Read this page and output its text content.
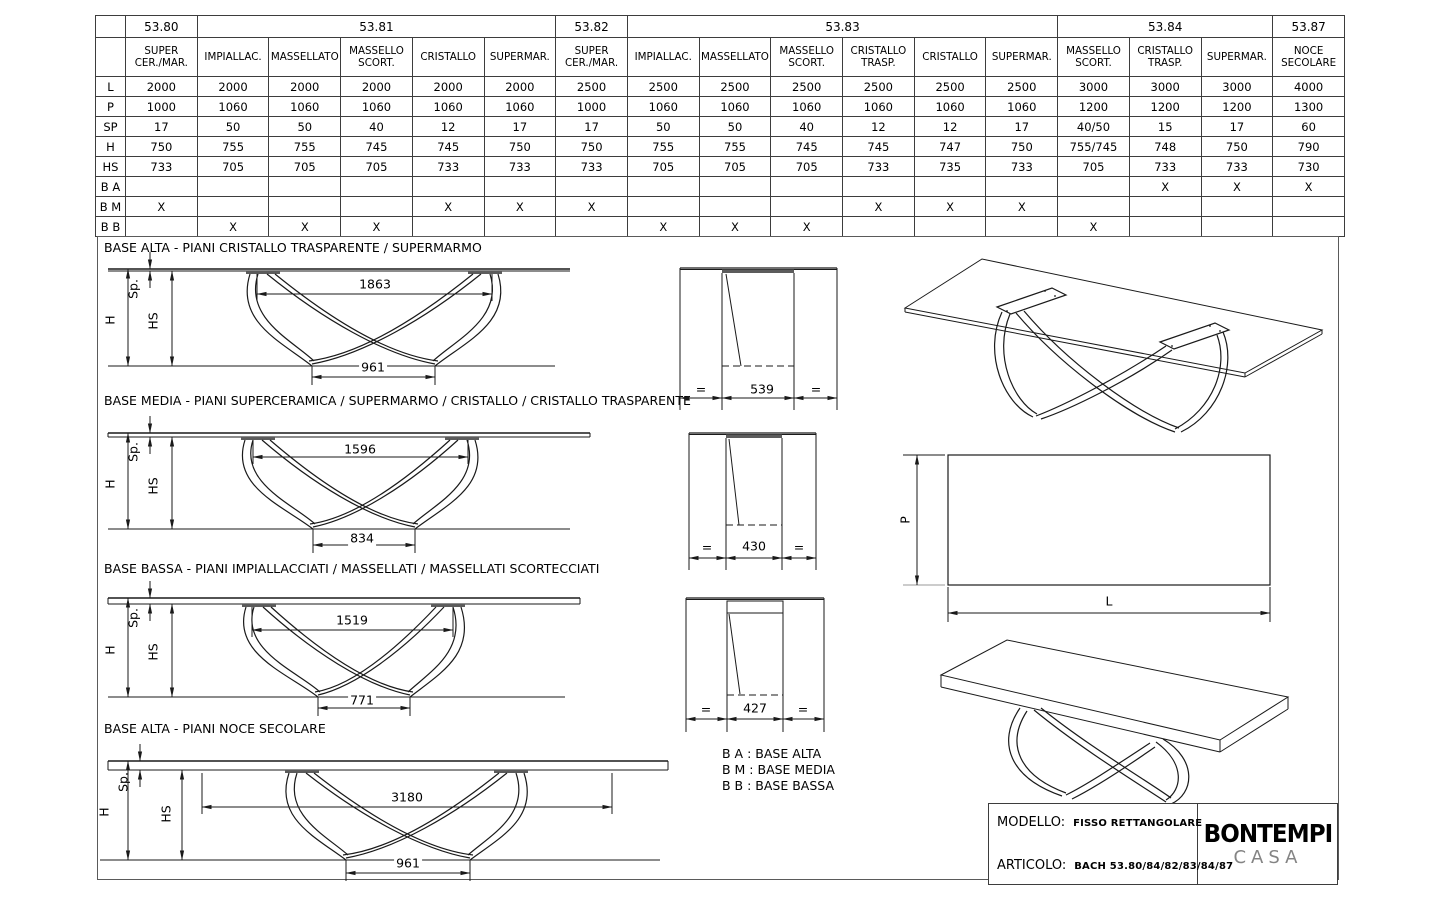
	53.80	53.81					53.82	53.83						53.84			53.87
	SUPER CER./MAR.	IMPIALLAC.	MASSELLATO	MASSELLO SCORT.	CRISTALLO	SUPERMAR.	SUPER CER./MAR.	IMPIALLAC.	MASSELLATO	MASSELLO SCORT.	CRISTALLO TRASP.	CRISTALLO	SUPERMAR.	MASSELLO SCORT.	CRISTALLO TRASP.	SUPERMAR.	NOCE SECOLARE
L	2000	2000	2000	2000	2000	2000	2500	2500	2500	2500	2500	2500	2500	3000	3000	3000	4000
P	1000	1060	1060	1060	1060	1060	1000	1060	1060	1060	1060	1060	1060	1200	1200	1200	1300
SP	17	50	50	40	12	17	17	50	50	40	12	12	17	40/50	15	17	60
H	750	755	755	745	745	750	750	755	755	745	745	747	750	755/745	748	750	790
HS	733	705	705	705	733	733	733	705	705	705	733	735	733	705	733	733	730
B A															X	X	X
B M	X				X	X	X				X	X	X				
B B		X	X	X				X	X	X				X			
BASE ALTA - PIANI CRISTALLO TRASPARENTE / SUPERMARMO
BASE MEDIA - PIANI SUPERCERAMICA / SUPERMARMO / CRISTALLO / CRISTALLO TRASPARENTE
BASE BASSA - PIANI IMPIALLACCIATI / MASSELLATI / MASSELLATI SCORTECCIATI
BASE ALTA - PIANI NOCE SECOLARE
1863
961
H HS
Sp.
1596
834
H HS
Sp.
1519
771
H HS
Sp.
3180
961
H	HS
Sp.
=	539	=
= 430 =
=	427 =
B A : BASE ALTA
B M : BASE MEDIA
B B : BASE BASSA
P
L
MODELLO: FISSO RETTANGOLARE
ARTICOLO: BACH 53.80/84/82/83/84/87
BONTEMPI
CASA
